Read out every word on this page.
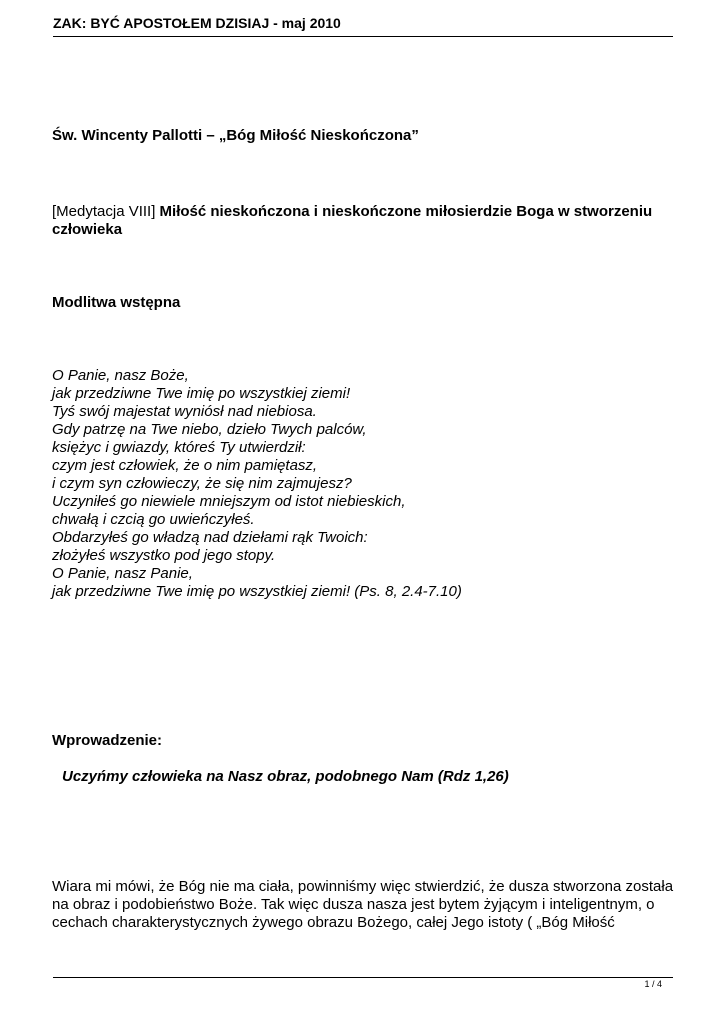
ZAK: BYĆ APOSTOŁEM DZISIAJ - maj 2010
Św. Wincenty Pallotti – „Bóg Miłość Nieskończona”
[Medytacja VIII] Miłość nieskończona i nieskończone miłosierdzie Boga w stworzeniu
człowieka
Modlitwa wstępna
O Panie, nasz Boże,
jak przedziwne Twe imię po wszystkiej ziemi!
Tyś swój majestat wyniósł nad niebiosa.
Gdy patrzę na Twe niebo, dzieło Twych palców,
księżyc i gwiazdy, któreś Ty utwierdził:
czym jest człowiek, że o nim pamiętasz,
i czym syn człowieczy, że się nim zajmujesz?
Uczyniłeś go niewiele mniejszym od istot niebieskich,
chwałą i czcią go uwieńczyłeś.
Obdarzyłeś go władzą nad dziełami rąk Twoich:
złożyłeś wszystko pod jego stopy.
O Panie, nasz Panie,
jak przedziwne Twe imię po wszystkiej ziemi! (Ps. 8, 2.4-7.10)
Wprowadzenie:
Uczyńmy człowieka na Nasz obraz, podobnego Nam (Rdz 1,26)
Wiara mi mówi, że Bóg nie ma ciała, powinniśmy więc stwierdzić, że dusza stworzona została
na obraz i podobieństwo Boże. Tak więc dusza nasza jest bytem żyjącym i inteligentnym, o
cechach charakterystycznych żywego obrazu Bożego, całej Jego istoty ( „Bóg Miłość
1 / 4
